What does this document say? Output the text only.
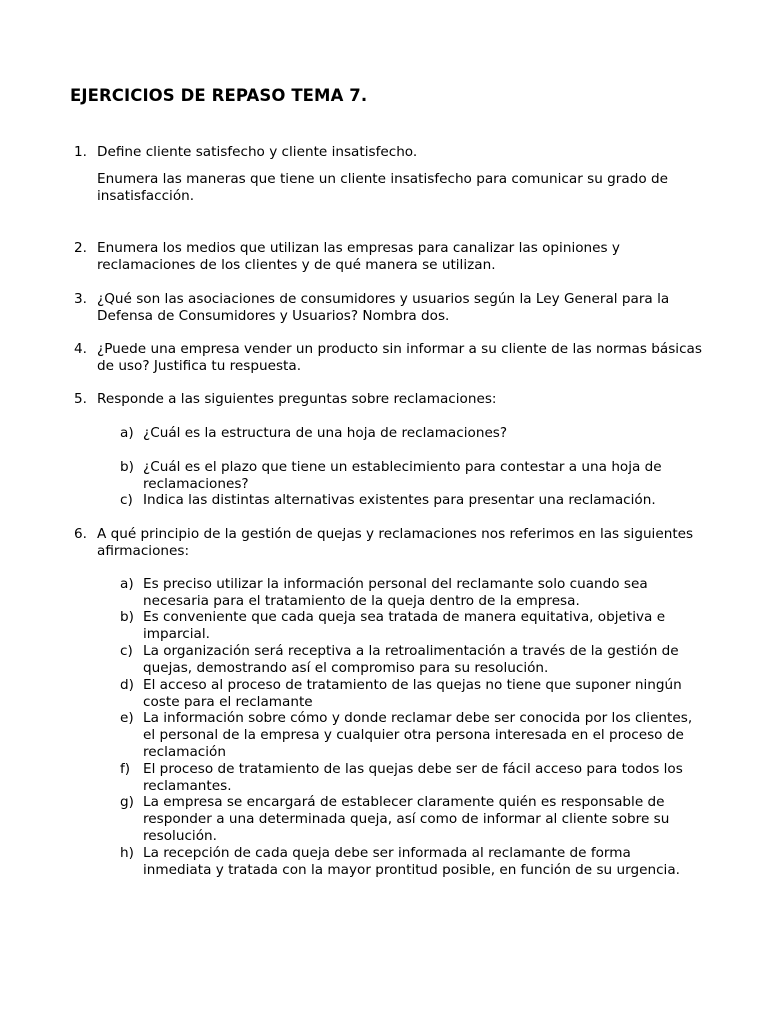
EJERCICIOS DE REPASO TEMA 7.
1. Define cliente satisfecho y cliente insatisfecho.
Enumera las maneras que tiene un cliente insatisfecho para comunicar su grado de insatisfacción.
2. Enumera los medios que utilizan las empresas para canalizar las opiniones y reclamaciones de los clientes y de qué manera se utilizan.
3. ¿Qué son las asociaciones de consumidores y usuarios según la Ley General para la Defensa de Consumidores y Usuarios? Nombra dos.
4. ¿Puede una empresa vender un producto sin informar a su cliente de las normas básicas de uso? Justifica tu respuesta.
5. Responde a las siguientes preguntas sobre reclamaciones:
a) ¿Cuál es la estructura de una hoja de reclamaciones?
b) ¿Cuál es el plazo que tiene un establecimiento para contestar a una hoja de reclamaciones?
c) Indica las distintas alternativas existentes para presentar una reclamación.
6. A qué principio de la gestión de quejas y reclamaciones nos referimos en las siguientes afirmaciones:
a) Es preciso utilizar la información personal del reclamante solo cuando sea necesaria para el tratamiento de la queja dentro de la empresa.
b) Es conveniente que cada queja sea tratada de manera equitativa, objetiva e imparcial.
c) La organización será receptiva a la retroalimentación a través de la gestión de quejas, demostrando así el compromiso para su resolución.
d) El acceso al proceso de tratamiento de las quejas no tiene que suponer ningún coste para el reclamante
e) La información sobre cómo y donde reclamar debe ser conocida por los clientes, el personal de la empresa y cualquier otra persona interesada en el proceso de reclamación
f) El proceso de tratamiento de las quejas debe ser de fácil acceso para todos los reclamantes.
g) La empresa se encargará de establecer claramente quién es responsable de responder a una determinada queja, así como de informar al cliente sobre su resolución.
h) La recepción de cada queja debe ser informada al reclamante de forma inmediata y tratada con la mayor prontitud posible, en función de su urgencia.
